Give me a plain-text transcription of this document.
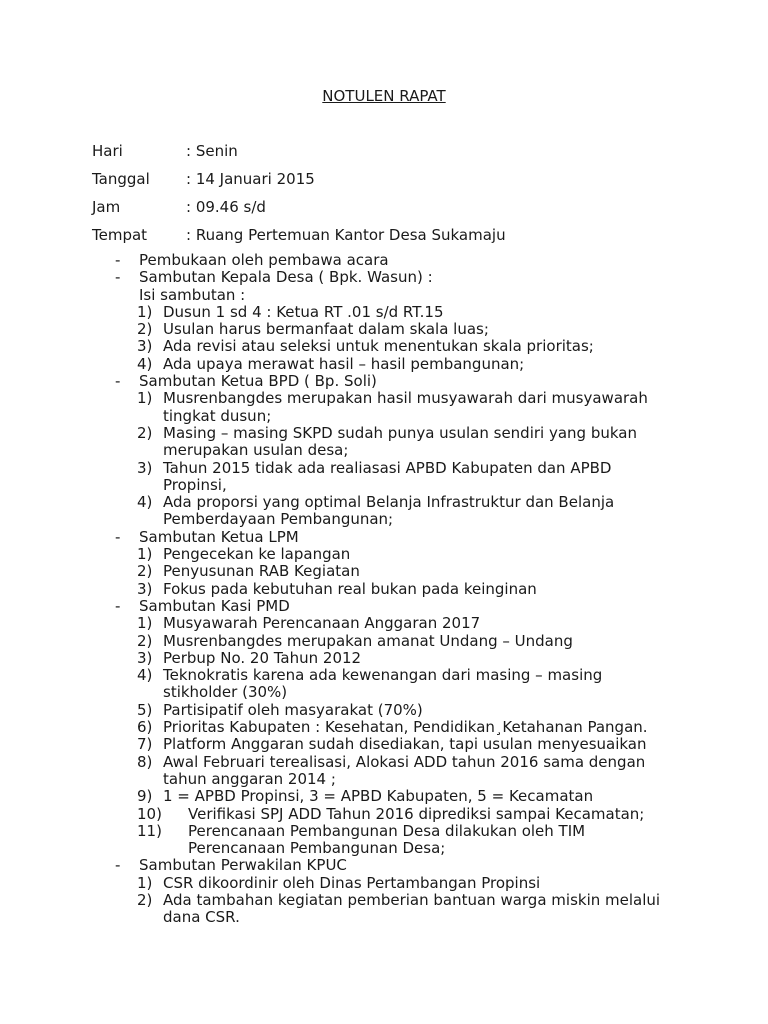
NOTULEN RAPAT
Hari	: Senin
Tanggal : 14 Januari 2015
Jam	: 09.46 s/d
Tempat	: Ruang Pertemuan Kantor Desa Sukamaju
-	Pembukaan oleh pembawa acara
-	Sambutan Kepala Desa ( Bpk. Wasun) :
Isi sambutan :
1) Dusun 1 sd 4 : Ketua RT .01 s/d RT.15
2) Usulan harus bermanfaat dalam skala luas;
3) Ada revisi atau seleksi untuk menentukan skala prioritas;
4) Ada upaya merawat hasil – hasil pembangunan;
-	Sambutan Ketua BPD ( Bp. Soli)
1) Musrenbangdes merupakan hasil musyawarah dari musyawarah tingkat dusun;
2) Masing – masing SKPD sudah punya usulan sendiri yang bukan merupakan usulan desa;
3) Tahun 2015 tidak ada realiasasi APBD Kabupaten dan APBD Propinsi,
4) Ada proporsi yang optimal Belanja Infrastruktur dan Belanja Pemberdayaan Pembangunan;
-	Sambutan Ketua LPM
1) Pengecekan ke lapangan
2) Penyusunan RAB Kegiatan
3) Fokus pada kebutuhan real bukan pada keinginan
-	Sambutan Kasi PMD
1) Musyawarah Perencanaan Anggaran 2017
2) Musrenbangdes merupakan amanat Undang – Undang
3) Perbup No. 20 Tahun 2012
4) Teknokratis karena ada kewenangan dari masing – masing stikholder (30%)
5) Partisipatif oleh masyarakat (70%)
6) Prioritas Kabupaten : Kesehatan, Pendidikan¸Ketahanan Pangan.
7) Platform Anggaran sudah disediakan, tapi usulan menyesuaikan
8) Awal Februari terealisasi, Alokasi ADD tahun 2016 sama dengan tahun anggaran 2014 ;
9) 1 = APBD Propinsi, 3 = APBD Kabupaten, 5 = Kecamatan
10) Verifikasi SPJ ADD Tahun 2016 diprediksi sampai Kecamatan;
11) Perencanaan Pembangunan Desa dilakukan oleh TIM Perencanaan Pembangunan Desa;
-	Sambutan Perwakilan KPUC
1) CSR dikoordinir oleh Dinas Pertambangan Propinsi
2) Ada tambahan kegiatan pemberian bantuan warga miskin melalui dana CSR.
